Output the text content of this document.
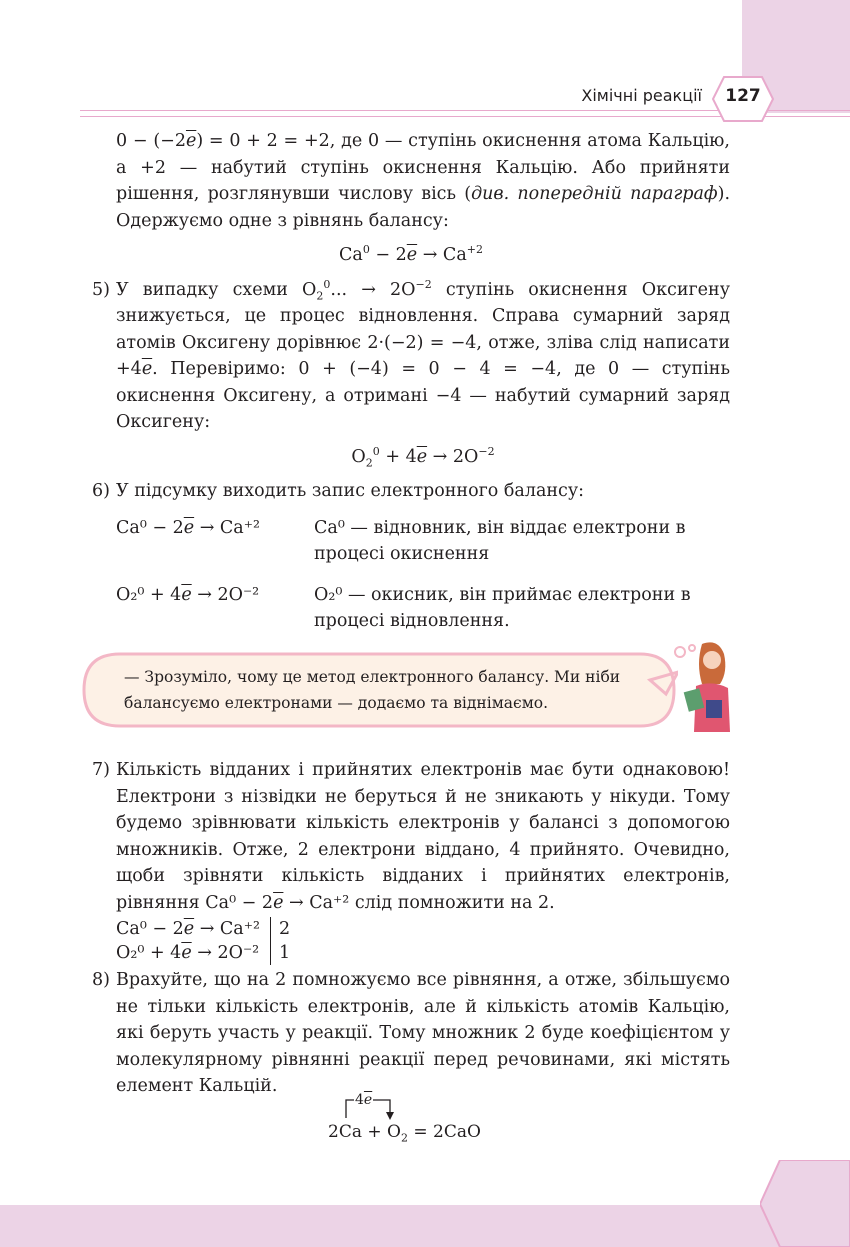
Хімічні реакції	127

$0 - (-2\overline{e}) = 0 + 2 = +2$, де 0 — ступінь окиснення атома Кальцію, а +2 — набутий ступінь окиснення Кальцію. Або прийняти рішення, розглянувши числову вісь (див. попередній параграф). Одержуємо одне з рівнянь балансу:

$Ca^0 - 2\overline{e} \to Ca^{+2}$
5) У випадку схеми $O_2^0$... → $2O^{-2}$ ступінь окиснення Оксигену знижується, це процес відновлення. Справа сумарний заряд атомів Оксигену дорівнює 2·(−2) = −4, отже, зліва слід написати $+4\overline{e}$. Перевіримо: 0 + (−4) = 0 − 4 = −4, де 0 — ступінь окиснення Оксигену, а отримані −4 — набутий сумарний заряд Оксигену:
$O_2^0 + 4\overline{e} \to 2O^{-2}$
6) У підсумку виходить запис електронного балансу:
$Ca^0 - 2\overline{e} \to Ca^{+2}$	Ca⁰ — відновник, він віддає електрони в процесі окиснення
$O_2^0 + 4\overline{e} \to 2O^{-2}$	O₂⁰ — окисник, він приймає електрони в процесі відновлення.
— Зрозуміло, чому це метод електронного балансу. Ми ніби балансуємо електронами — додаємо та віднімаємо.
7) Кількість відданих і прийнятих електронів має бути однаковою! Електрони з нізвідки не беруться й не зникають у нікуди. Тому будемо зрівнювати кількість електронів у балансі з допомогою множників. Отже, 2 електрони віддано, 4 прийнято. Очевидно, щоби зрівняти кількість відданих і прийнятих електронів, рівняння $Ca^0 - 2\overline{e} \to Ca^{+2}$ слід помножити на 2.
$Ca^0 - 2\overline{e} \to Ca^{+2}$	2
$O_2^0 + 4\overline{e} \to 2O^{-2}$	1
8) Врахуйте, що на 2 помножуємо все рівняння, а отже, збільшуємо не тільки кількість електронів, але й кількість атомів Кальцію, які беруть участь у реакції. Тому множник 2 буде коефіцієнтом у молекулярному рівнянні реакції перед речовинами, які містять елемент Кальцій.
$4\overline{e}$
$2Ca + O_2 = 2CaO$
